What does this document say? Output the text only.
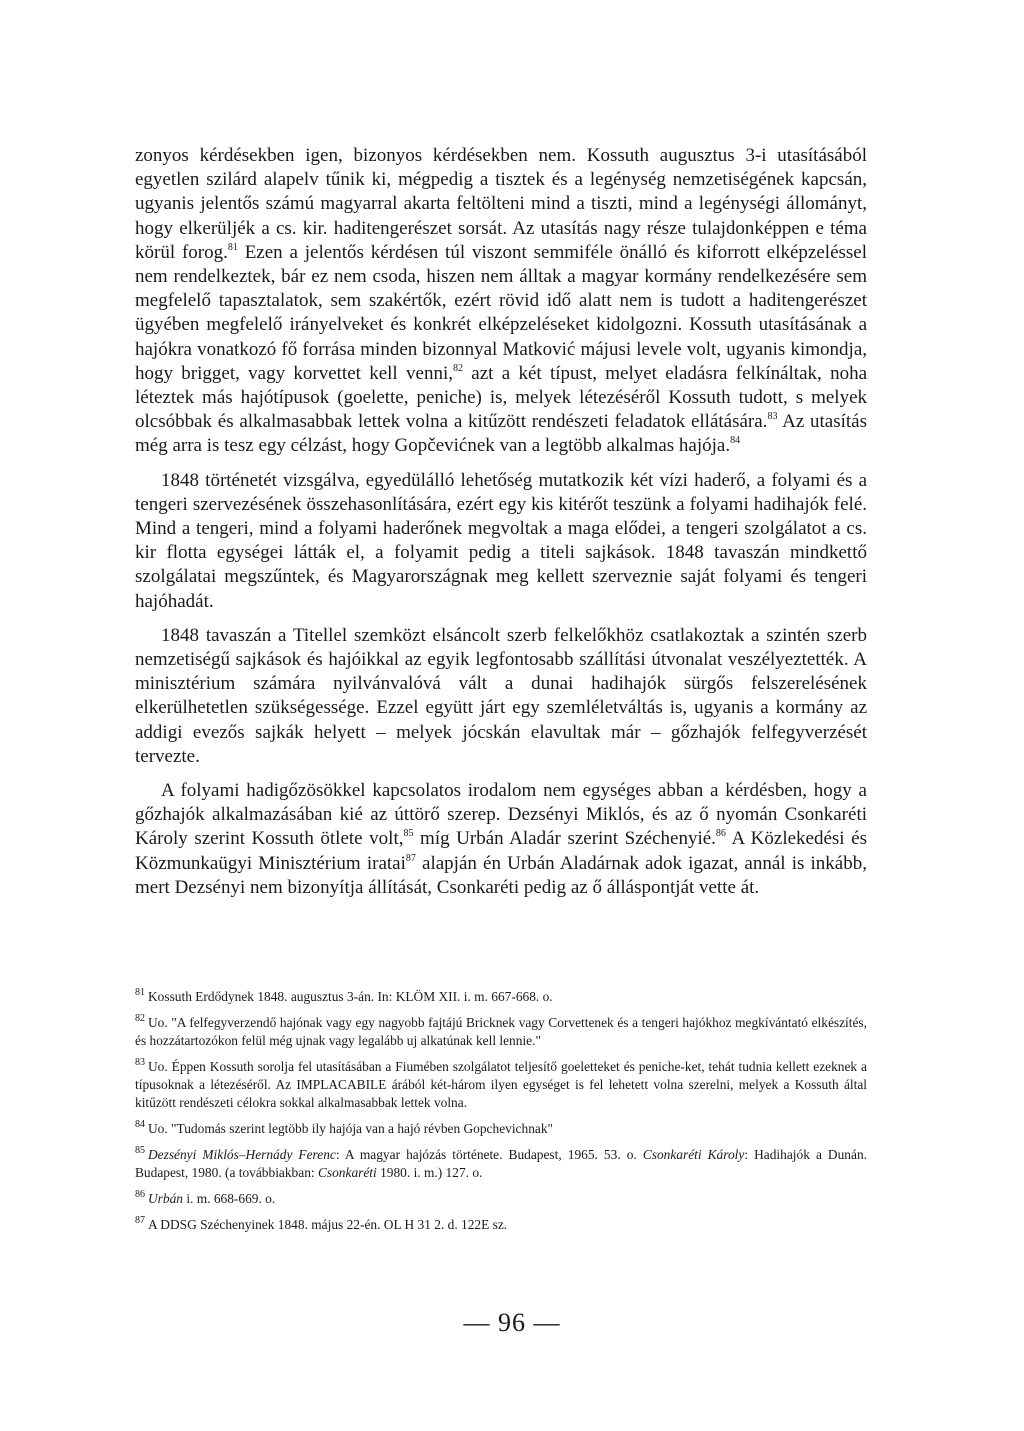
zonyos kérdésekben igen, bizonyos kérdésekben nem. Kossuth augusztus 3-i utasításából egyetlen szilárd alapelv tűnik ki, mégpedig a tisztek és a legénység nemzetiségének kapcsán, ugyanis jelentős számú magyarral akarta feltölteni mind a tiszti, mind a legénységi állományt, hogy elkerüljék a cs. kir. haditengerészet sorsát. Az utasítás nagy része tulajdonképpen e téma körül forog.$^{81}$ Ezen a jelentős kérdésen túl viszont semmiféle önálló és kiforrott elképzeléssel nem rendelkeztek, bár ez nem csoda, hiszen nem álltak a magyar kormány rendelkezésére sem megfelelő tapasztalatok, sem szakértők, ezért rövid idő alatt nem is tudott a haditengerészet ügyében megfelelő irányelveket és konkrét elképzeléseket kidolgozni. Kossuth utasításának a hajókra vonatkozó fő forrása minden bizonnyal Matković májusi levele volt, ugyanis kimondja, hogy brigget, vagy korvettet kell venni,$^{82}$ azt a két típust, melyet eladásra felkínáltak, noha léteztek más hajótípusok (goelette, peniche) is, melyek létezéséről Kossuth tudott, s melyek olcsóbbak és alkalmasabbak lettek volna a kitűzött rendészeti feladatok ellátására.$^{83}$ Az utasítás még arra is tesz egy célzást, hogy Gopčevićnek van a legtöbb alkalmas hajója.$^{84}$

1848 történetét vizsgálva, egyedülálló lehetőség mutatkozik két vízi haderő, a folyami és a tengeri szervezésének összehasonlítására, ezért egy kis kitérőt teszünk a folyami hadihajók felé. Mind a tengeri, mind a folyami haderőnek megvoltak a maga elődei, a tengeri szolgálatot a cs. kir flotta egységei látták el, a folyamit pedig a titeli sajkások. 1848 tavaszán mindkettő szolgálatai megszűntek, és Magyarországnak meg kellett szerveznie saját folyami és tengeri hajóhadát.

1848 tavaszán a Titellel szemközt elsáncolt szerb felkelőkhöz csatlakoztak a szintén szerb nemzetiségű sajkások és hajóikkal az egyik legfontosabb szállítási útvonalat veszélyeztették. A minisztérium számára nyilvánvalóvá vált a dunai hadihajók sürgős felszerelésének elkerülhetetlen szükségessége. Ezzel együtt járt egy szemléletváltás is, ugyanis a kormány az addigi evezős sajkák helyett – melyek jócskán elavultak már – gőzhajók felfegyverzését tervezte.

A folyami hadigőzösökkel kapcsolatos irodalom nem egységes abban a kérdésben, hogy a gőzhajók alkalmazásában kié az úttörő szerep. Dezsényi Miklós, és az ő nyomán Csonkaréti Károly szerint Kossuth ötlete volt,$^{85}$ míg Urbán Aladár szerint Széchenyié.$^{86}$ A Közlekedési és Közmunkaügyi Minisztérium iratai$^{87}$ alapján én Urbán Aladárnak adok igazat, annál is inkább, mert Dezsényi nem bizonyítja állítását, Csonkaréti pedig az ő álláspontját vette át.

$^{81}$ Kossuth Erdődynek 1848. augusztus 3-án. In: KLÖM XII. i. m. 667-668. o.
$^{82}$ Uo. "A felfegyverzendő hajónak vagy egy nagyobb fajtájú Bricknek vagy Corvettenek és a tengeri hajókhoz megkívántató elkészítés, és hozzátartozókon felül még ujnak vagy legalább uj alkatúnak kell lennie."
$^{83}$ Uo. Éppen Kossuth sorolja fel utasításában a Fiumében szolgálatot teljesítő goeletteket és peniche-ket, tehát tudnia kellett ezeknek a típusoknak a létezéséről. Az IMPLACABILE árából két-három ilyen egységet is fel lehetett volna szerelni, melyek a Kossuth által kitűzött rendészeti célokra sokkal alkalmasabbak lettek volna.
$^{84}$ Uo. "Tudomás szerint legtöbb ily hajója van a hajó révben Gopchevichnak"
$^{85}$ Dezsényi Miklós–Hernády Ferenc: A magyar hajózás története. Budapest, 1965. 53. o. Csonkaréti Károly: Hadihajók a Dunán. Budapest, 1980. (a továbbiakban: Csonkaréti 1980. i. m.) 127. o.
$^{86}$ Urbán i. m. 668-669. o.
$^{87}$ A DDSG Széchenyinek 1848. május 22-én. OL H 31 2. d. 122E sz.
— 96 —
